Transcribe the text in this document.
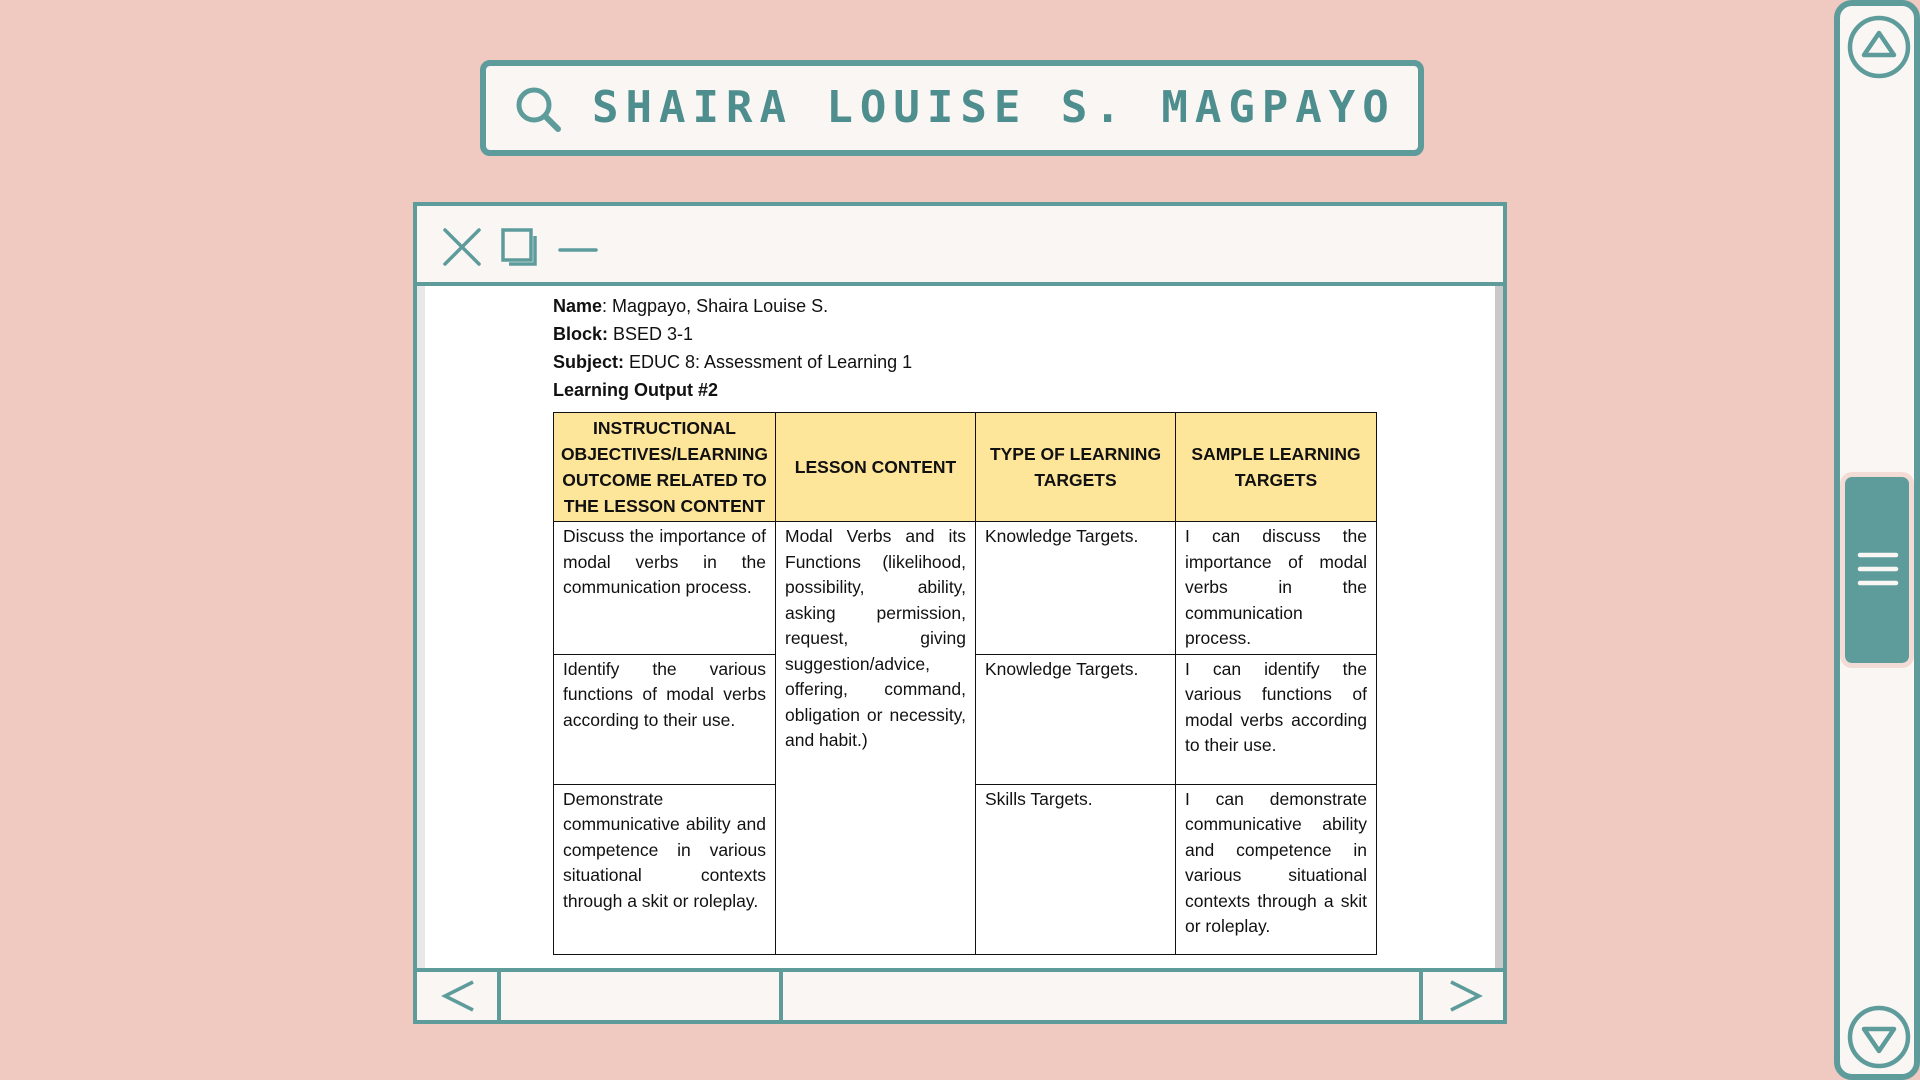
SHAIRA LOUISE S. MAGPAYO
Name: Magpayo, Shaira Louise S.
Block: BSED 3-1
Subject: EDUC 8: Assessment of Learning 1
Learning Output #2
INSTRUCTIONAL OBJECTIVES/LEARNING OUTCOME RELATED TO THE LESSON CONTENT	LESSON CONTENT	TYPE OF LEARNING TARGETS	SAMPLE LEARNING TARGETS
Discuss the importance of modal verbs in the communication process.	Modal Verbs and its Functions (likelihood, possibility, ability, asking permission, request, giving suggestion/advice, offering, command, obligation or necessity, and habit.)	Knowledge Targets.	I can discuss the importance of modal verbs in the communication process.
Identify the various functions of modal verbs according to their use.		Knowledge Targets.	I can identify the various functions of modal verbs according to their use.
Demonstrate communicative ability and competence in various situational contexts through a skit or roleplay.		Skills Targets.	I can demonstrate communicative ability and competence in various situational contexts through a skit or roleplay.
